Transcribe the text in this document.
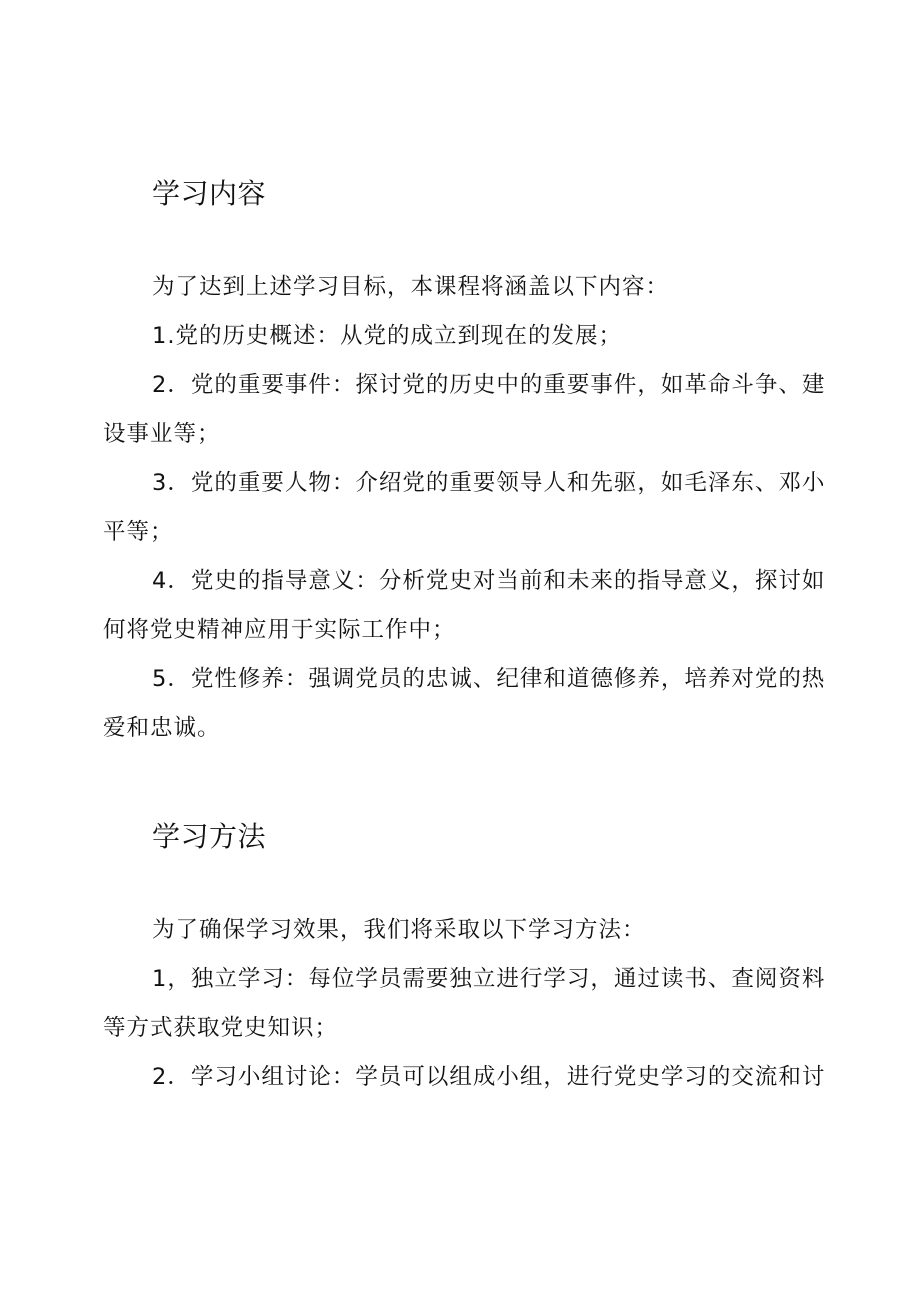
学习内容

为了达到上述学习目标，本课程将涵盖以下内容：

1.党的历史概述：从党的成立到现在的发展；

2．党的重要事件：探讨党的历史中的重要事件，如革命斗争、建

设事业等；

3．党的重要人物：介绍党的重要领导人和先驱，如毛泽东、邓小

平等；

4．党史的指导意义：分析党史对当前和未来的指导意义，探讨如

何将党史精神应用于实际工作中；

5．党性修养：强调党员的忠诚、纪律和道德修养，培养对党的热

爱和忠诚。

学习方法

为了确保学习效果，我们将采取以下学习方法：

1，独立学习：每位学员需要独立进行学习，通过读书、查阅资料

等方式获取党史知识；

2．学习小组讨论：学员可以组成小组，进行党史学习的交流和讨
